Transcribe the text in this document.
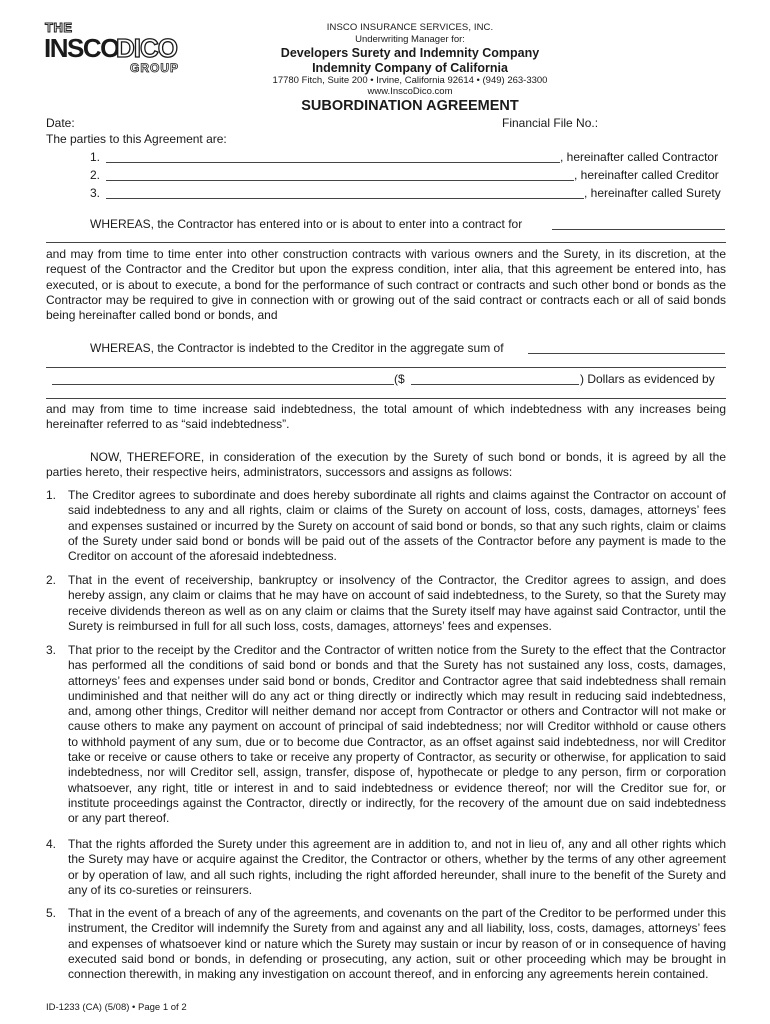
THE
INSCO
DICO
GROUP
INSCO INSURANCE SERVICES, INC.
Underwriting Manager for:
Developers Surety and Indemnity Company
Indemnity Company of California
17780 Fitch, Suite 200 • Irvine, California 92614 • (949) 263-3300
www.InscoDico.com
SUBORDINATION AGREEMENT
Date:	Financial File No.:
The parties to this Agreement are:
1.	, hereinafter called Contractor
2.	, hereinafter called Creditor
3.	, hereinafter called Surety
WHEREAS, the Contractor has entered into or is about to enter into a contract for
and may from time to time enter into other construction contracts with various owners and the Surety, in its discretion, at the request of the Contractor and the Creditor but upon the express condition, inter alia, that this agreement be entered into, has executed, or is about to execute, a bond for the performance of such contract or contracts and such other bond or bonds as the Contractor may be required to give in connection with or growing out of the said contract or contracts each or all of said bonds being hereinafter called bond or bonds, and
WHEREAS, the Contractor is indebted to the Creditor in the aggregate sum of
($	) Dollars as evidenced by
and may from time to time increase said indebtedness, the total amount of which indebtedness with any increases being hereinafter referred to as “said indebtedness”.
NOW, THEREFORE, in consideration of the execution by the Surety of such bond or bonds, it is agreed by all the parties hereto, their respective heirs, administrators, successors and assigns as follows:
1. The Creditor agrees to subordinate and does hereby subordinate all rights and claims against the Contractor on account of said indebtedness to any and all rights, claim or claims of the Surety on account of loss, costs, damages, attorneys’ fees and expenses sustained or incurred by the Surety on account of said bond or bonds, so that any such rights, claim or claims of the Surety under said bond or bonds will be paid out of the assets of the Contractor before any payment is made to the Creditor on account of the aforesaid indebtedness.
2. That in the event of receivership, bankruptcy or insolvency of the Contractor, the Creditor agrees to assign, and does hereby assign, any claim or claims that he may have on account of said indebtedness, to the Surety, so that the Surety may receive dividends thereon as well as on any claim or claims that the Surety itself may have against said Contractor, until the Surety is reimbursed in full for all such loss, costs, damages, attorneys’ fees and expenses.
3. That prior to the receipt by the Creditor and the Contractor of written notice from the Surety to the effect that the Contractor has performed all the conditions of said bond or bonds and that the Surety has not sustained any loss, costs, damages, attorneys’ fees and expenses under said bond or bonds, Creditor and Contractor agree that said indebtedness shall remain undiminished and that neither will do any act or thing directly or indirectly which may result in reducing said indebtedness, and, among other things, Creditor will neither demand nor accept from Contractor or others and Contractor will not make or cause others to make any payment on account of principal of said indebtedness; nor will Creditor withhold or cause others to withhold payment of any sum, due or to become due Contractor, as an offset against said indebtedness, nor will Creditor take or receive or cause others to take or receive any property of Contractor, as security or otherwise, for application to said indebtedness, nor will Creditor sell, assign, transfer, dispose of, hypothecate or pledge to any person, firm or corporation whatsoever, any right, title or interest in and to said indebtedness or evidence thereof; nor will the Creditor sue for, or institute proceedings against the Contractor, directly or indirectly, for the recovery of the amount due on said indebtedness or any part thereof.
4. That the rights afforded the Surety under this agreement are in addition to, and not in lieu of, any and all other rights which the Surety may have or acquire against the Creditor, the Contractor or others, whether by the terms of any other agreement or by operation of law, and all such rights, including the right afforded hereunder, shall inure to the benefit of the Surety and any of its co-sureties or reinsurers.
5. That in the event of a breach of any of the agreements, and covenants on the part of the Creditor to be performed under this instrument, the Creditor will indemnify the Surety from and against any and all liability, loss, costs, damages, attorneys’ fees and expenses of whatsoever kind or nature which the Surety may sustain or incur by reason of or in consequence of having executed said bond or bonds, in defending or prosecuting, any action, suit or other proceeding which may be brought in connection therewith, in making any investigation on account thereof, and in enforcing any agreements herein contained.
ID-1233 (CA) (5/08) • Page 1 of 2
